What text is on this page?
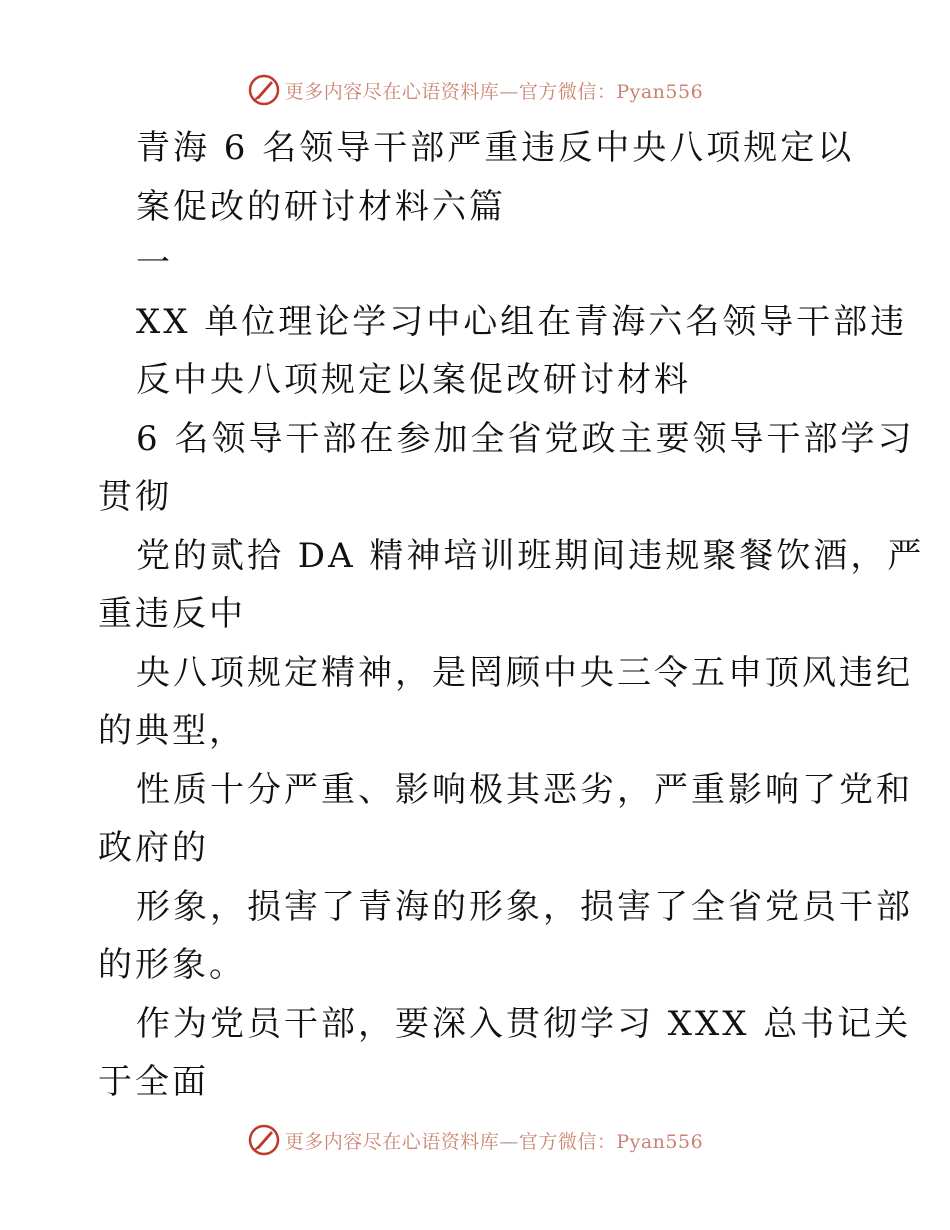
更多内容尽在心语资料库—官方微信：Pyan556
青海 6 名领导干部严重违反中央八项规定以
案促改的研讨材料六篇
一
XX 单位理论学习中心组在青海六名领导干部违
反中央八项规定以案促改研讨材料
6 名领导干部在参加全省党政主要领导干部学习
贯彻
党的贰拾 DA 精神培训班期间违规聚餐饮酒，严
重违反中
央八项规定精神，是罔顾中央三令五申顶风违纪
的典型，
性质十分严重、影响极其恶劣，严重影响了党和
政府的
形象，损害了青海的形象，损害了全省党员干部
的形象。
作为党员干部，要深入贯彻学习 XXX 总书记关
于全面
更多内容尽在心语资料库—官方微信：Pyan556
